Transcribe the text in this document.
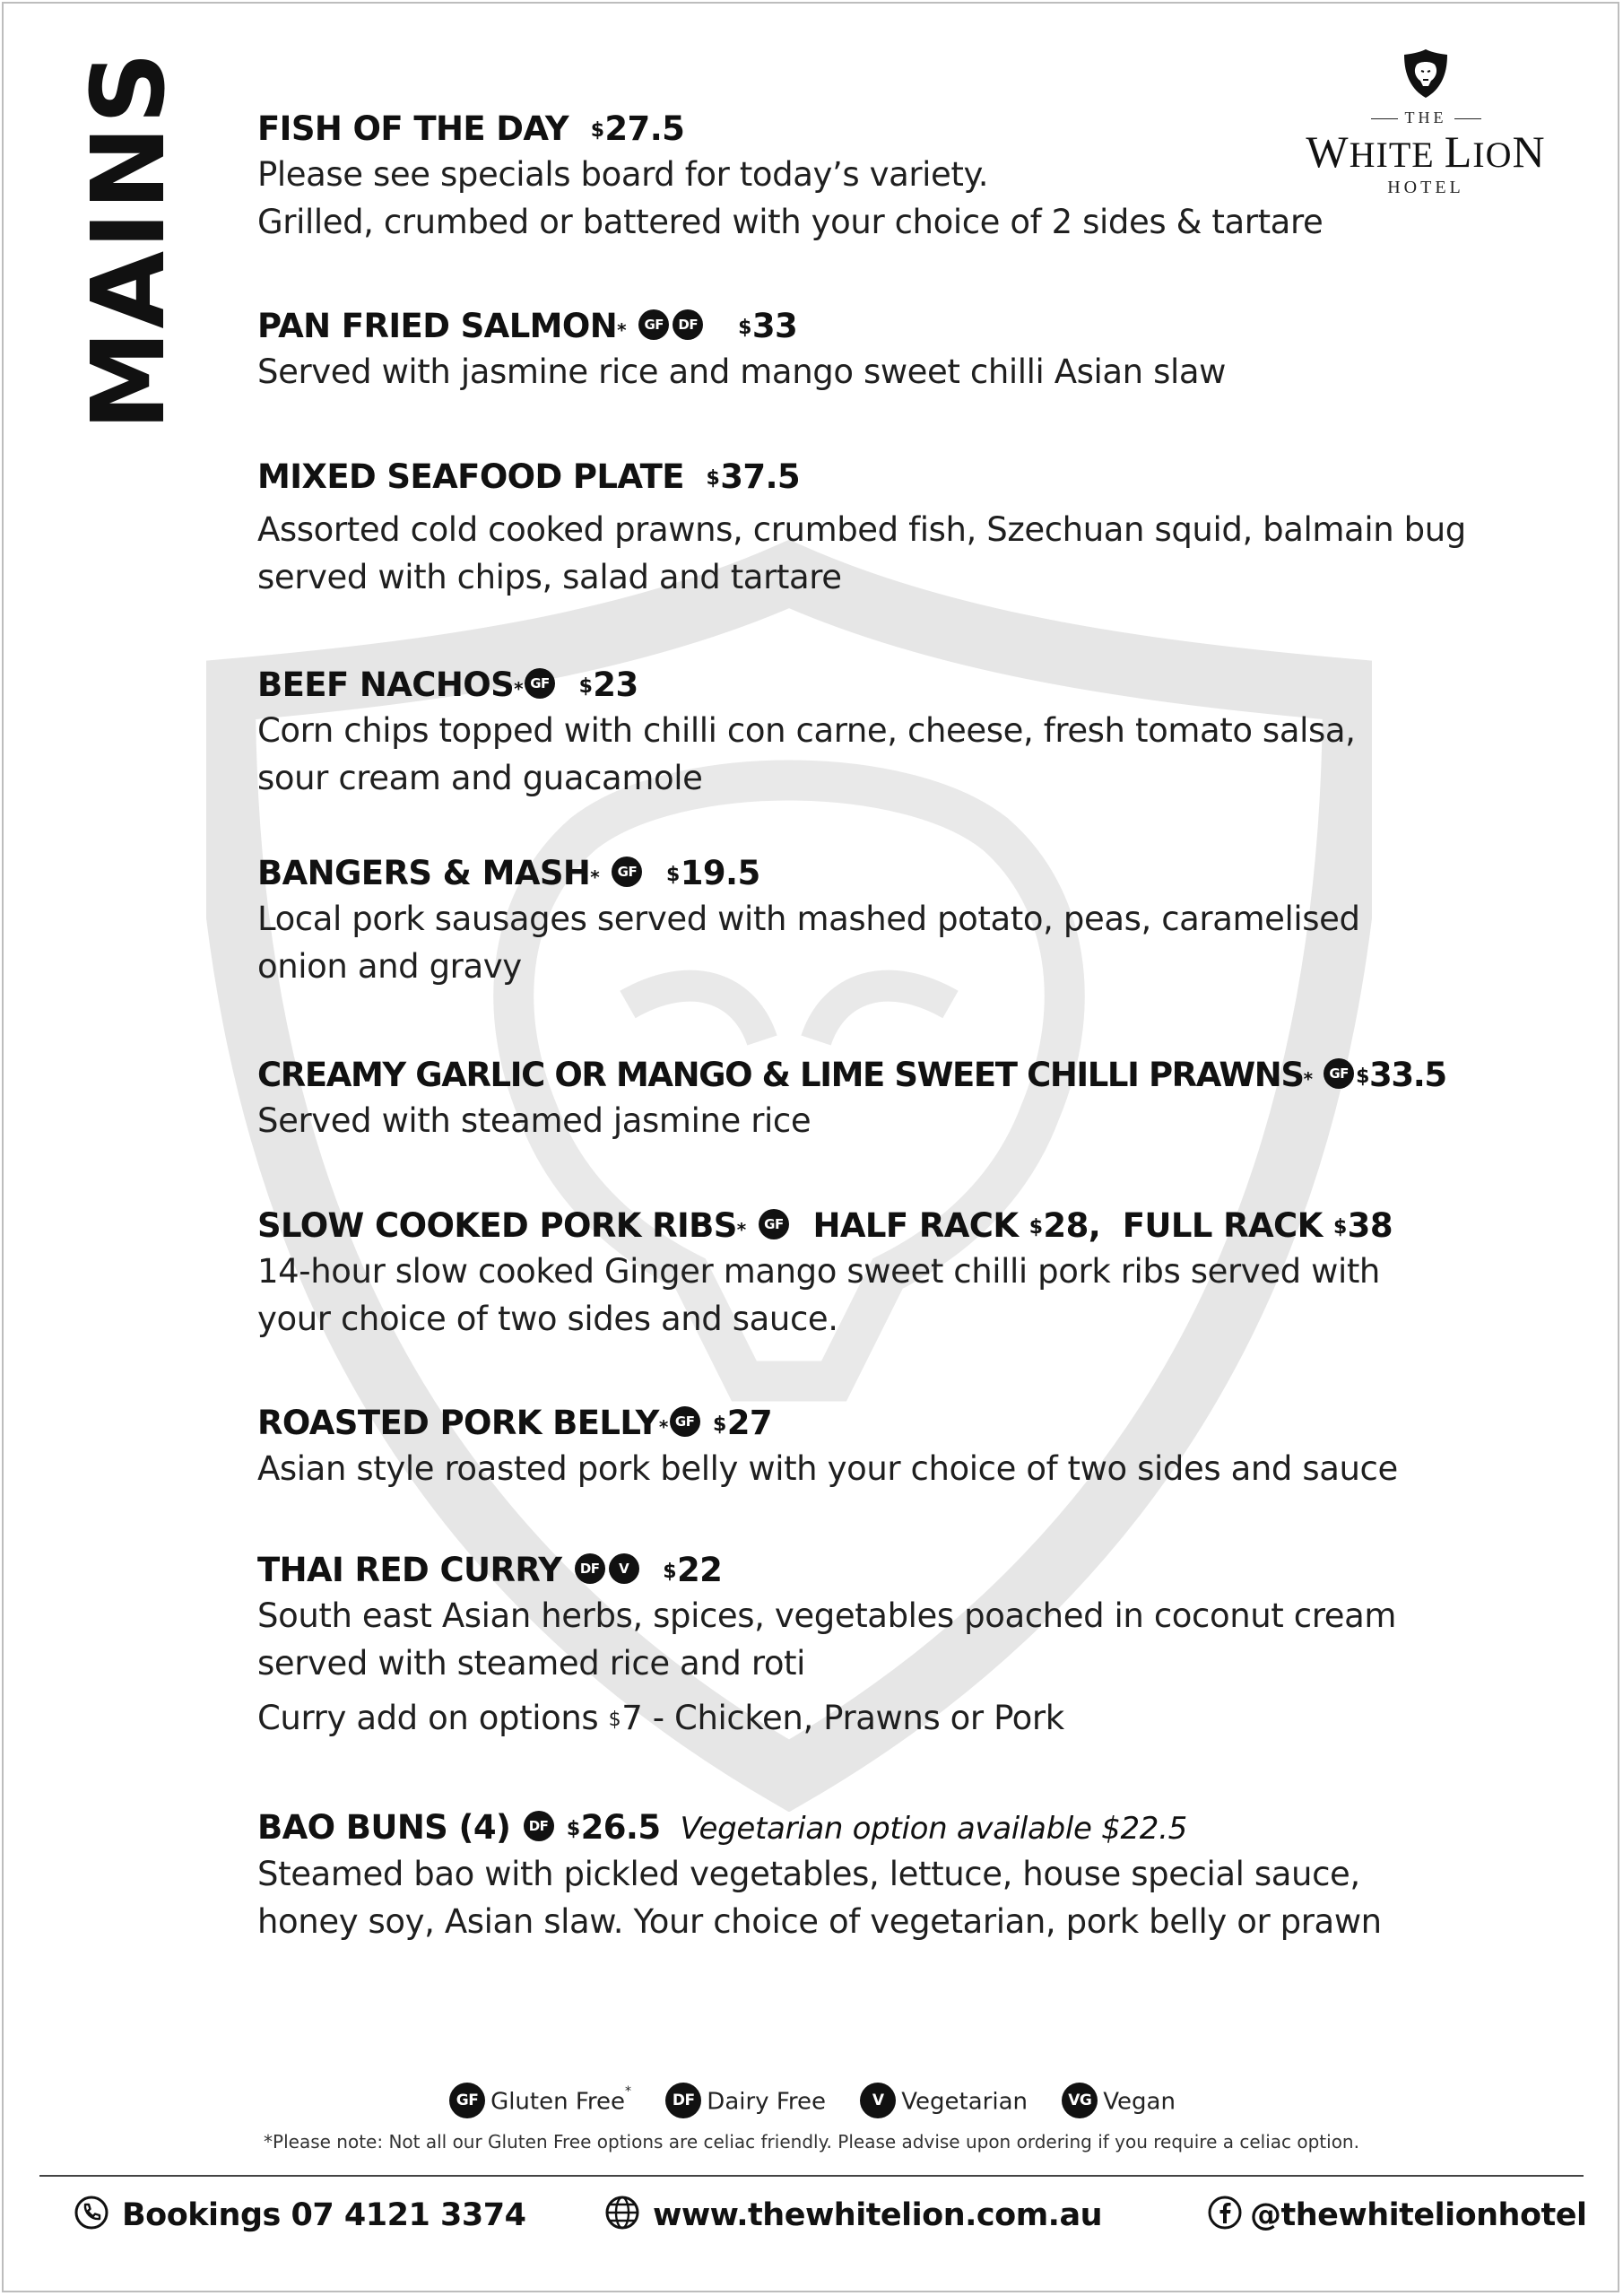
MAINS	THE
WHITE LION
HOTEL
FISH OF THE DAY $27.5

Please see specials board for today’s variety.

Grilled, crumbed or battered with your choice of 2 sides & tartare

PAN FRIED SALMON* GF DF $33

Served with jasmine rice and mango sweet chilli Asian slaw

MIXED SEAFOOD PLATE $37.5

Assorted cold cooked prawns, crumbed fish, Szechuan squid, balmain bug

served with chips, salad and tartare

BEEF NACHOS* GF $23

Corn chips topped with chilli con carne, cheese, fresh tomato salsa,

sour cream and guacamole

BANGERS & MASH* GF $19.5

Local pork sausages served with mashed potato, peas, caramelised

onion and gravy

CREAMY GARLIC OR MANGO & LIME SWEET CHILLI PRAWNS* GF $33.5

Served with steamed jasmine rice

SLOW COOKED PORK RIBS* GF HALF RACK $28, FULL RACK $38

14-hour slow cooked Ginger mango sweet chilli pork ribs served with

your choice of two sides and sauce.

ROASTED PORK BELLY* GF $27

Asian style roasted pork belly with your choice of two sides and sauce

THAI RED CURRY DF V $22

South east Asian herbs, spices, vegetables poached in coconut cream

served with steamed rice and roti

Curry add on options $7 - Chicken, Prawns or Pork

BAO BUNS (4) DF $26.5 Vegetarian option available $22.5

Steamed bao with pickled vegetables, lettuce, house special sauce,

honey soy, Asian slaw. Your choice of vegetarian, pork belly or prawn

GF Gluten Free*	DF Dairy Free	V Vegetarian	VG Vegan
*Please note: Not all our Gluten Free options are celiac friendly. Please advise upon ordering if you require a celiac option.
Bookings 07 4121 3374	www.thewhitelion.com.au	@thewhitelionhotel
